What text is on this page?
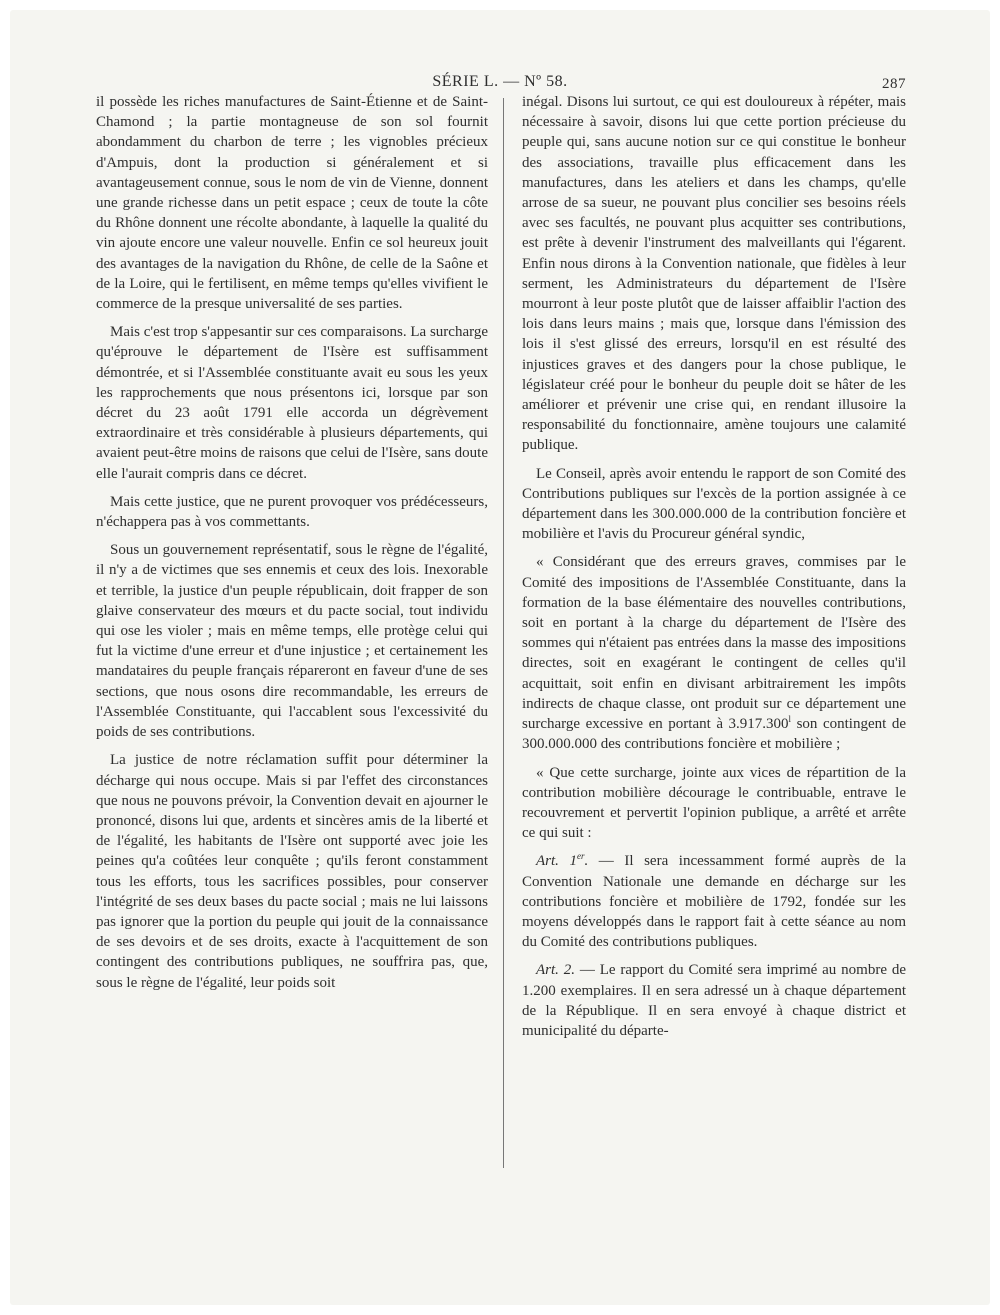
SÉRIE L. — Nº 58.	287

il possède les riches manufactures de Saint-Étienne et de Saint-Chamond ; la partie montagneuse de son sol fournit abondamment du charbon de terre ; les vignobles précieux d'Ampuis, dont la production si généralement et si avantageusement connue, sous le nom de vin de Vienne, donnent une grande richesse dans un petit espace ; ceux de toute la côte du Rhône donnent une récolte abondante, à laquelle la qualité du vin ajoute encore une valeur nouvelle. Enfin ce sol heureux jouit des avantages de la navigation du Rhône, de celle de la Saône et de la Loire, qui le fertilisent, en même temps qu'elles vivifient le commerce de la presque universalité de ses parties.

Mais c'est trop s'appesantir sur ces comparaisons. La surcharge qu'éprouve le département de l'Isère est suffisamment démontrée, et si l'Assemblée constituante avait eu sous les yeux les rapprochements que nous présentons ici, lorsque par son décret du 23 août 1791 elle accorda un dégrèvement extraordinaire et très considérable à plusieurs départements, qui avaient peut-être moins de raisons que celui de l'Isère, sans doute elle l'aurait compris dans ce décret.

Mais cette justice, que ne purent provoquer vos prédécesseurs, n'échappera pas à vos commettants.

Sous un gouvernement représentatif, sous le règne de l'égalité, il n'y a de victimes que ses ennemis et ceux des lois. Inexorable et terrible, la justice d'un peuple républicain, doit frapper de son glaive conservateur des mœurs et du pacte social, tout individu qui ose les violer ; mais en même temps, elle protège celui qui fut la victime d'une erreur et d'une injustice ; et certainement les mandataires du peuple français répareront en faveur d'une de ses sections, que nous osons dire recommandable, les erreurs de l'Assemblée Constituante, qui l'accablent sous l'excessivité du poids de ses contributions.

La justice de notre réclamation suffit pour déterminer la décharge qui nous occupe. Mais si par l'effet des circonstances que nous ne pouvons prévoir, la Convention devait en ajourner le prononcé, disons lui que, ardents et sincères amis de la liberté et de l'égalité, les habitants de l'Isère ont supporté avec joie les peines qu'a coûtées leur conquête ; qu'ils feront constamment tous les efforts, tous les sacrifices possibles, pour conserver l'intégrité de ses deux bases du pacte social ; mais ne lui laissons pas ignorer que la portion du peuple qui jouit de la connaissance de ses devoirs et de ses droits, exacte à l'acquittement de son contingent des contributions publiques, ne souffrira pas, que, sous le règne de l'égalité, leur poids soit

inégal. Disons lui surtout, ce qui est douloureux à répéter, mais nécessaire à savoir, disons lui que cette portion précieuse du peuple qui, sans aucune notion sur ce qui constitue le bonheur des associations, travaille plus efficacement dans les manufactures, dans les ateliers et dans les champs, qu'elle arrose de sa sueur, ne pouvant plus concilier ses besoins réels avec ses facultés, ne pouvant plus acquitter ses contributions, est prête à devenir l'instrument des malveillants qui l'égarent. Enfin nous dirons à la Convention nationale, que fidèles à leur serment, les Administrateurs du département de l'Isère mourront à leur poste plutôt que de laisser affaiblir l'action des lois dans leurs mains ; mais que, lorsque dans l'émission des lois il s'est glissé des erreurs, lorsqu'il en est résulté des injustices graves et des dangers pour la chose publique, le législateur créé pour le bonheur du peuple doit se hâter de les améliorer et prévenir une crise qui, en rendant illusoire la responsabilité du fonctionnaire, amène toujours une calamité publique.

Le Conseil, après avoir entendu le rapport de son Comité des Contributions publiques sur l'excès de la portion assignée à ce département dans les 300.000.000 de la contribution foncière et mobilière et l'avis du Procureur général syndic,

« Considérant que des erreurs graves, commises par le Comité des impositions de l'Assemblée Constituante, dans la formation de la base élémentaire des nouvelles contributions, soit en portant à la charge du département de l'Isère des sommes qui n'étaient pas entrées dans la masse des impositions directes, soit en exagérant le contingent de celles qu'il acquittait, soit enfin en divisant arbitrairement les impôts indirects de chaque classe, ont produit sur ce département une surcharge excessive en portant à 3.917.300$^l$ son contingent de 300.000.000 des contributions foncière et mobilière ;

« Que cette surcharge, jointe aux vices de répartition de la contribution mobilière décourage le contribuable, entrave le recouvrement et pervertit l'opinion publique, a arrêté et arrête ce qui suit :

Art. 1er. — Il sera incessamment formé auprès de la Convention Nationale une demande en décharge sur les contributions foncière et mobilière de 1792, fondée sur les moyens développés dans le rapport fait à cette séance au nom du Comité des contributions publiques.

Art. 2. — Le rapport du Comité sera imprimé au nombre de 1.200 exemplaires. Il en sera adressé un à chaque département de la République. Il en sera envoyé à chaque district et municipalité du départe-
